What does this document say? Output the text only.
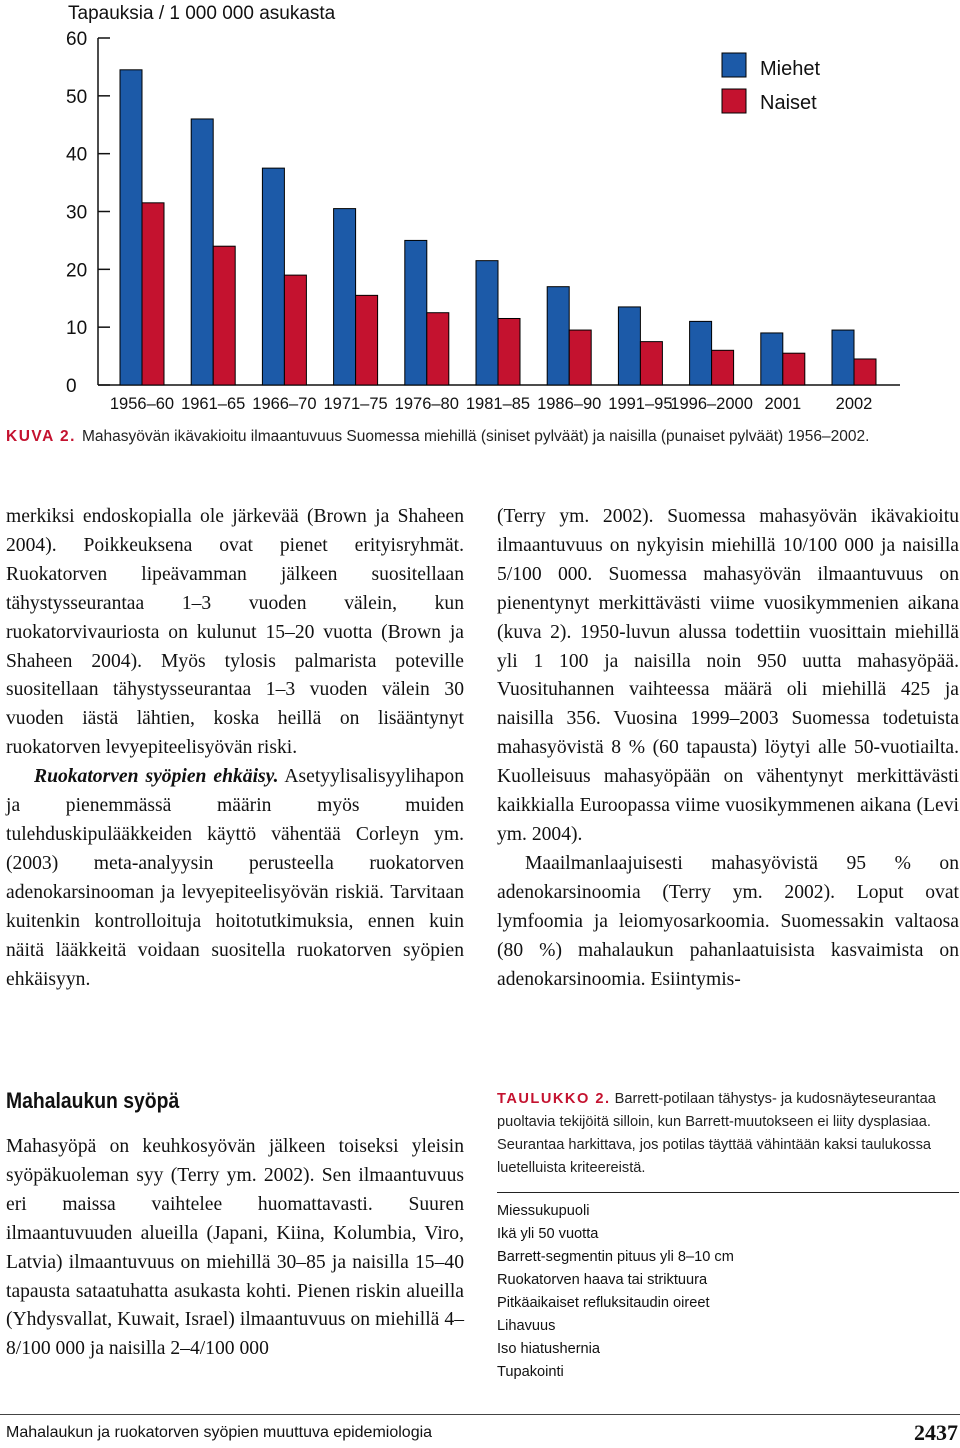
Tapauksia / 1 000 000 asukasta
60
50
40
30
20
10
0
1956–60 1961–65 1966–70 1971–75 1976–80 1981–85 1986–90 1991–95
1996–2000 2001 2002
Miehet
Naiset
KUVA 2. Mahasyövän ikävakioitu ilmaantuvuus Suomessa miehillä (siniset pylväät) ja naisilla (punaiset pylväät) 1956–2002.

merkiksi endoskopialla ole järkevää (Brown ja Shaheen 2004). Poikkeuksena ovat pienet erityisryhmät. Ruokatorven lipeävamman jälkeen suositellaan tähystysseurantaa 1–3 vuoden välein, kun ruokatorvivauriosta on kulunut 15–20 vuotta (Brown ja Shaheen 2004). Myös tylosis palmarista poteville suositellaan tähystysseurantaa 1–3 vuoden välein 30 vuoden iästä lähtien, koska heillä on lisääntynyt ruokatorven levyepiteelisyövän riski.

Ruokatorven syöpien ehkäisy. Asetyylisalisyylihapon ja pienemmässä määrin myös muiden tulehduskipulääkkeiden käyttö vähentää Corleyn ym. (2003) meta-analyysin perusteella ruokatorven adenokarsinooman ja levyepiteelisyövän riskiä. Tarvitaan kuitenkin kontrolloituja hoitotutkimuksia, ennen kuin näitä lääkkeitä voidaan suositella ruokatorven syöpien ehkäisyyn.

(Terry ym. 2002). Suomessa mahasyövän ikävakioitu ilmaantuvuus on nykyisin miehillä 10/100 000 ja naisilla 5/100 000. Suomessa mahasyövän ilmaantuvuus on pienentynyt merkittävästi viime vuosikymmenien aikana (kuva 2). 1950-luvun alussa todettiin vuosittain miehillä yli 1 100 ja naisilla noin 950 uutta mahasyöpää. Vuosituhannen vaihteessa määrä oli miehillä 425 ja naisilla 356. Vuosina 1999–2003 Suomessa todetuista mahasyövistä 8 % (60 tapausta) löytyi alle 50-vuotiailta. Kuolleisuus mahasyöpään on vähentynyt merkittävästi kaikkialla Euroopassa viime vuosikymmenen aikana (Levi ym. 2004).

Maailmanlaajuisesti mahasyövistä 95 % on adenokarsinoomia (Terry ym. 2002). Loput ovat lymfoomia ja leiomyosarkoomia. Suomessakin valtaosa (80 %) mahalaukun pahanlaatuisista kasvaimista on adenokarsinoomia. Esiintymis-

Mahalaukun syöpä

Mahasyöpä on keuhkosyövän jälkeen toiseksi yleisin syöpäkuoleman syy (Terry ym. 2002). Sen ilmaantuvuus eri maissa vaihtelee huomattavasti. Suuren ilmaantuvuuden alueilla (Japani, Kiina, Kolumbia, Viro, Latvia) ilmaantuvuus on miehillä 30–85 ja naisilla 15–40 tapausta sataatuhatta asukasta kohti. Pienen riskin alueilla (Yhdysvallat, Kuwait, Israel) ilmaantuvuus on miehillä 4–8/100 000 ja naisilla 2–4/100 000

TAULUKKO 2. Barrett-potilaan tähystys- ja kudosnäyteseurantaa puoltavia tekijöitä silloin, kun Barrett-muutokseen ei liity dysplasiaa. Seurantaa harkittava, jos potilas täyttää vähintään kaksi taulukossa luetelluista kriteereistä.
Miessukupuoli
Ikä yli 50 vuotta
Barrett-segmentin pituus yli 8–10 cm
Ruokatorven haava tai striktuura
Pitkäaikaiset refluksitaudin oireet
Lihavuus
Iso hiatushernia
Tupakointi
Mahalaukun ja ruokatorven syöpien muuttuva epidemiologia	2437
